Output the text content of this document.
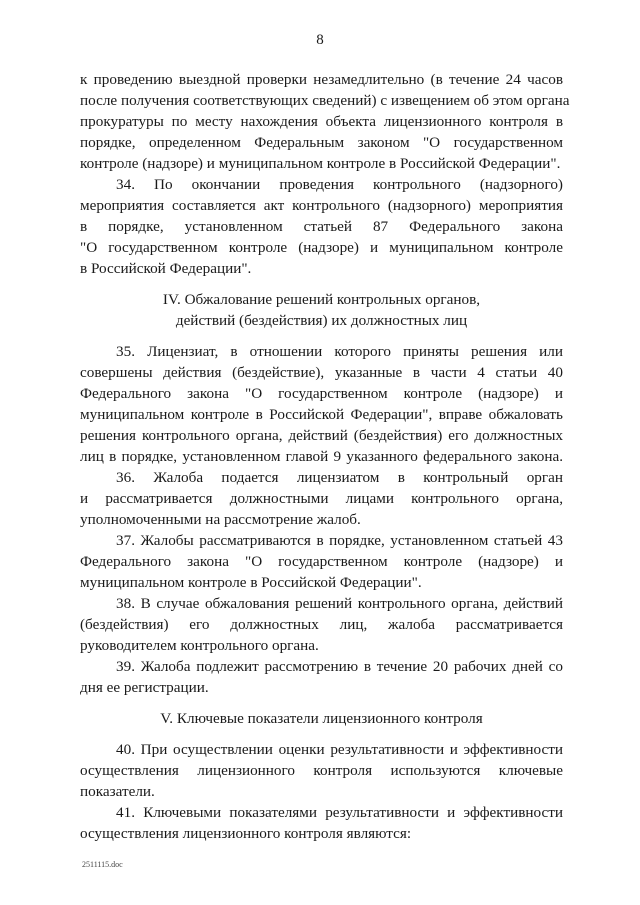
8
к проведению выездной проверки незамедлительно (в течение 24 часов
после получения соответствующих сведений) с извещением об этом органа
прокуратуры по месту нахождения объекта лицензионного контроля в
порядке, определенном Федеральным законом "О государственном
контроле (надзоре) и муниципальном контроле в Российской Федерации".
34. По окончании проведения контрольного (надзорного)
мероприятия составляется акт контрольного (надзорного) мероприятия
в порядке, установленном статьей 87 Федерального закона
"О государственном контроле (надзоре) и муниципальном контроле
в Российской Федерации".
IV. Обжалование решений контрольных органов,
действий (бездействия) их должностных лиц
35. Лицензиат, в отношении которого приняты решения или
совершены действия (бездействие), указанные в части 4 статьи 40
Федерального закона "О государственном контроле (надзоре) и
муниципальном контроле в Российской Федерации", вправе обжаловать
решения контрольного органа, действий (бездействия) его должностных
лиц в порядке, установленном главой 9 указанного федерального закона.
36. Жалоба подается лицензиатом в контрольный орган
и рассматривается должностными лицами контрольного органа,
уполномоченными на рассмотрение жалоб.
37. Жалобы рассматриваются в порядке, установленном статьей 43
Федерального закона "О государственном контроле (надзоре) и
муниципальном контроле в Российской Федерации".
38. В случае обжалования решений контрольного органа, действий
(бездействия) его должностных лиц, жалоба рассматривается
руководителем контрольного органа.
39. Жалоба подлежит рассмотрению в течение 20 рабочих дней со
дня ее регистрации.
V. Ключевые показатели лицензионного контроля
40. При осуществлении оценки результативности и эффективности
осуществления лицензионного контроля используются ключевые
показатели.
41. Ключевыми показателями результативности и эффективности
осуществления лицензионного контроля являются:
2511115.doc
